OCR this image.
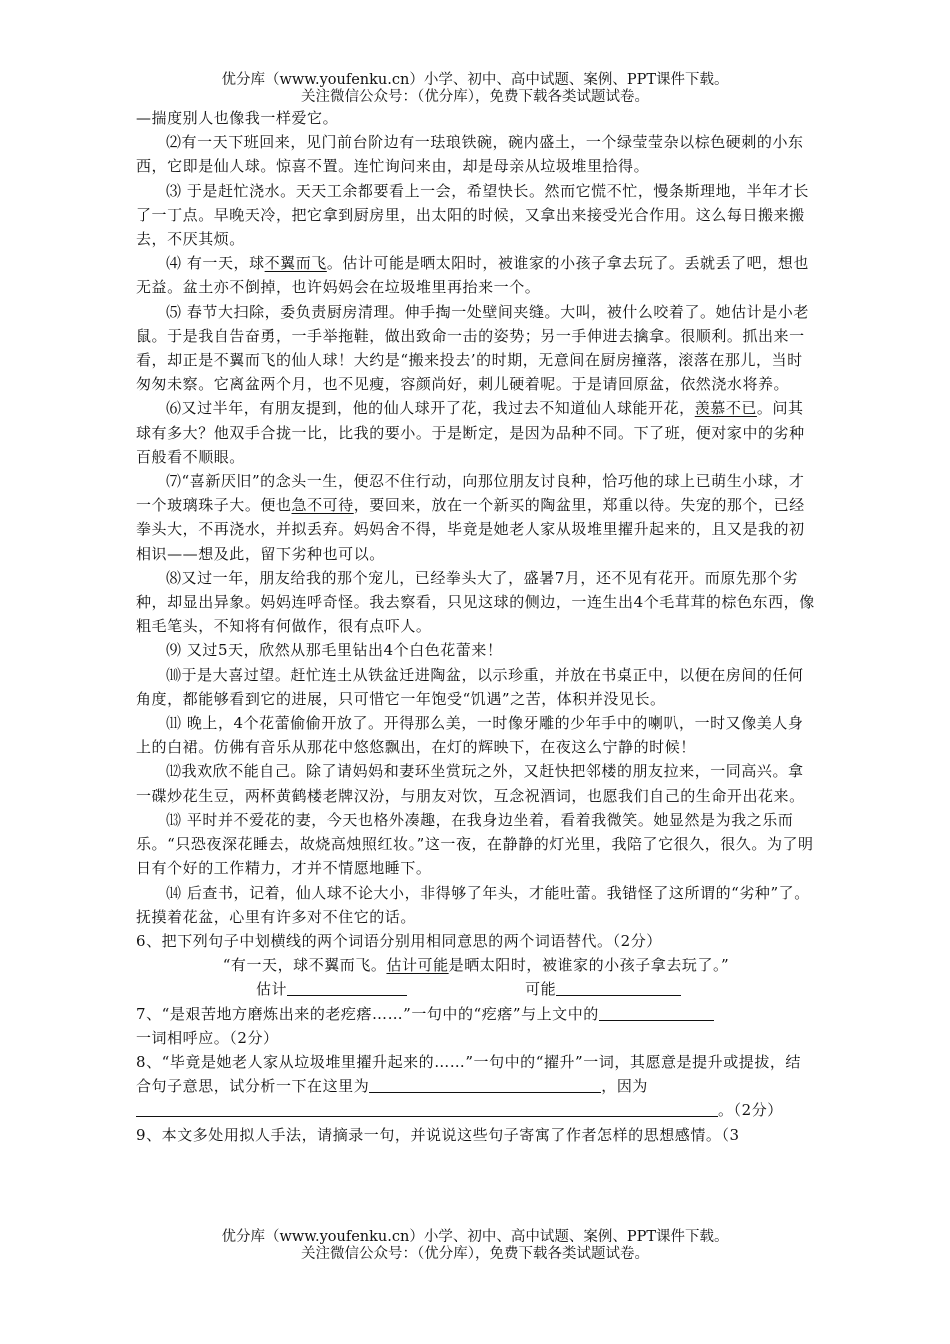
优分库（www.youfenku.cn）小学、初中、高中试题、案例、PPT课件下载。
关注微信公众号：（优分库），免费下载各类试题试卷。

—揣度别人也像我一样爱它。

⑵有一天下班回来，见门前台阶边有一珐琅铁碗，碗内盛土，一个绿莹莹杂以棕色硬刺的小东西，它即是仙人球。惊喜不置。连忙询问来由，却是母亲从垃圾堆里拾得。

⑶ 于是赶忙浇水。天天工余都要看上一会，希望快长。然而它慌不忙，慢条斯理地，半年才长了一丁点。早晚天冷，把它拿到厨房里，出太阳的时候，又拿出来接受光合作用。这么每日搬来搬去，不厌其烦。

⑷ 有一天，球不翼而飞。估计可能是晒太阳时，被谁家的小孩子拿去玩了。丢就丢了吧，想也无益。盆土亦不倒掉，也许妈妈会在垃圾堆里再抬来一个。

⑸ 春节大扫除，委负责厨房清理。伸手掏一处壁间夹缝。大叫，被什么咬着了。她估计是小老鼠。于是我自告奋勇，一手举拖鞋，做出致命一击的姿势；另一手伸进去擒拿。很顺利。抓出来一看，却正是不翼而飞的仙人球！大约是“搬来投去’的时期，无意间在厨房撞落，滚落在那儿，当时匆匆未察。它离盆两个月，也不见瘦，容颜尚好，刺儿硬着呢。于是请回原盆，依然浇水将养。

⑹又过半年，有朋友提到，他的仙人球开了花，我过去不知道仙人球能开花，羡慕不已。问其球有多大？他双手合拢一比，比我的要小。于是断定，是因为品种不同。下了班，便对家中的劣种百般看不顺眼。

⑺“喜新厌旧”的念头一生，便忍不住行动，向那位朋友讨良种，恰巧他的球上已萌生小球，才一个玻璃珠子大。便也急不可待，要回来，放在一个新买的陶盆里，郑重以待。失宠的那个，已经拳头大，不再浇水，并拟丢弃。妈妈舍不得，毕竟是她老人家从圾堆里擢升起来的，且又是我的初相识——想及此，留下劣种也可以。

⑻又过一年，朋友给我的那个宠儿，已经拳头大了，盛暑7月，还不见有花开。而原先那个劣种，却显出异象。妈妈连呼奇怪。我去察看，只见这球的侧边，一连生出4个毛茸茸的棕色东西，像粗毛笔头，不知将有何做作，很有点吓人。

⑼ 又过5天，欣然从那毛里钻出4个白色花蕾来！

⑽于是大喜过望。赶忙连土从铁盆迁进陶盆，以示珍重，并放在书桌正中，以便在房间的任何角度，都能够看到它的进展，只可惜它一年饱受“饥遇”之苦，体积并没见长。

⑾ 晚上，4个花蕾偷偷开放了。开得那么美，一时像牙雕的少年手中的喇叭，一时又像美人身上的白裙。仿佛有音乐从那花中悠悠飘出，在灯的辉映下，在夜这么宁静的时候！

⑿我欢欣不能自己。除了请妈妈和妻环坐赏玩之外，又赶快把邻楼的朋友拉来，一同高兴。拿一碟炒花生豆，两杯黄鹤楼老牌汉汾，与朋友对饮，互念祝酒词，也愿我们自己的生命开出花来。

⒀ 平时并不爱花的妻，今天也格外凑趣，在我身边坐着，看着我微笑。她显然是为我之乐而乐。“只恐夜深花睡去，故烧高烛照红妆。”这一夜，在静静的灯光里，我陪了它很久，很久。为了明日有个好的工作精力，才并不情愿地睡下。

⒁ 后查书，记着，仙人球不论大小，非得够了年头，才能吐蕾。我错怪了这所谓的“劣种”了。抚摸着花盆，心里有许多对不住它的话。

6、把下列句子中划横线的两个词语分别用相同意思的两个词语替代。（2分）

“有一天，球不翼而飞。估计可能是晒太阳时，被谁家的小孩子拿去玩了。”

估计	可能

7、“是艰苦地方磨炼出来的老疙瘩……”一句中的“疙瘩”与上文中的

一词相呼应。（2分）

8、“毕竟是她老人家从垃圾堆里擢升起来的……”一句中的“擢升”一词，其愿意是提升或提拔，结合句子意思，试分析一下在这里为	，因为

。（2分）

9、本文多处用拟人手法，请摘录一句，并说说这些句子寄寓了作者怎样的思想感情。（3

优分库（www.youfenku.cn）小学、初中、高中试题、案例、PPT课件下载。
关注微信公众号：（优分库），免费下载各类试题试卷。
